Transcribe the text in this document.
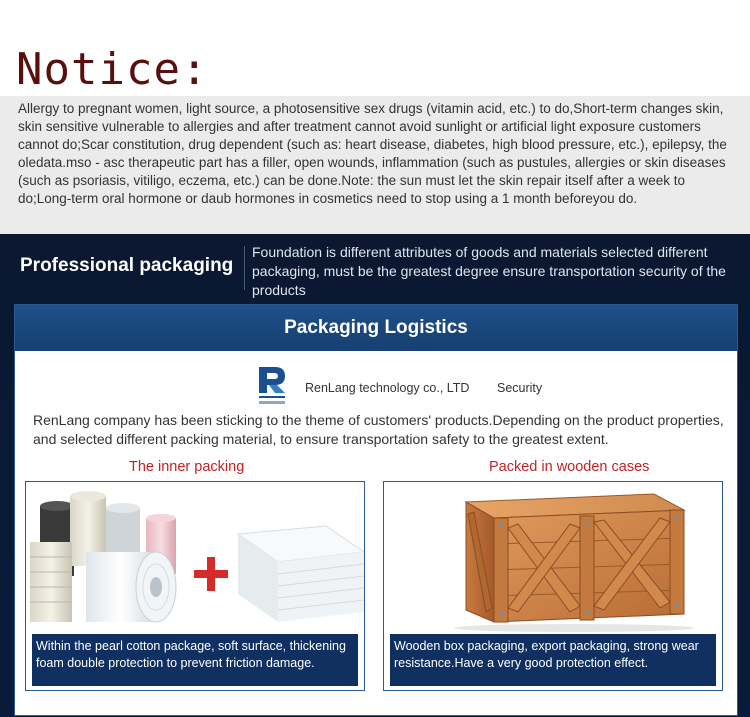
Notice:
Allergy to pregnant women, light source, a photosensitive sex drugs (vitamin acid, etc.) to do,Short-term changes skin, skin sensitive vulnerable to allergies and after treatment cannot avoid sunlight or artificial light exposure customers cannot do;Scar constitution, drug dependent (such as: heart disease, diabetes, high blood pressure, etc.), epilepsy, the oledata.mso - asc therapeutic part has a filler, open wounds, inflammation (such as pustules, allergies or skin diseases (such as psoriasis, vitiligo, eczema, etc.) can be done.Note: the sun must let the skin repair itself after a week to do;Long-term oral hormone or daub hormones in cosmetics need to stop using a 1 month beforeyou do.
Professional packaging
Foundation is different attributes of goods and materials selected different packaging, must be the greatest degree ensure transportation security of the products
Packaging Logistics
RenLang technology co., LTD Security
RenLang company has been sticking to the theme of customers' products.Depending on the product properties, and selected different packing material, to ensure transportation safety to the greatest extent.
The inner packing	Packed in wooden cases
Within the pearl cotton package, soft surface, thickening foam double protection to prevent friction damage.
Wooden box packaging, export packaging, strong wear resistance.Have a very good protection effect.
